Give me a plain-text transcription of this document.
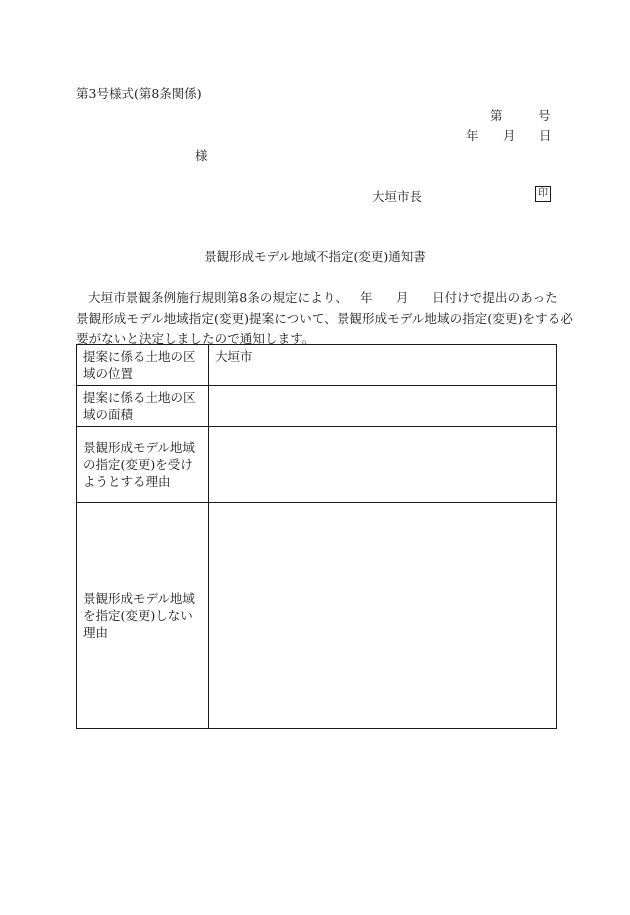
第3号様式(第8条関係)
第	号
年 月 日
様
大垣市長	印
景観形成モデル地域不指定(変更)通知書
大垣市景観条例施行規則第8条の規定により、 年 月 日付けで提出のあった
景観形成モデル地域指定(変更)提案について、景観形成モデル地域の指定(変更)をする必
要がないと決定しましたので通知します。
提案に係る土地の区域の位置	大垣市
提案に係る土地の区域の面積	
景観形成モデル地域の指定(変更)を受けようとする理由	
景観形成モデル地域を指定(変更)しない理由	
